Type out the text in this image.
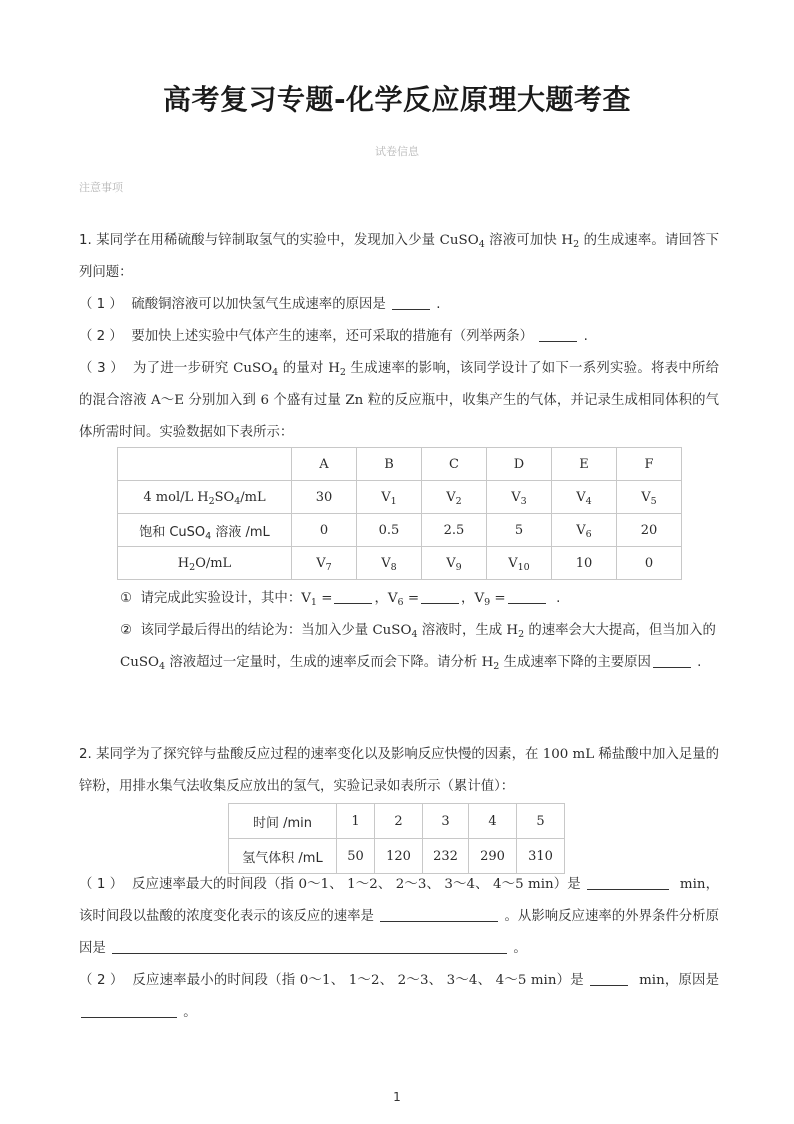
高考复习专题-化学反应原理大题考查
试卷信息
注意事项

1. 某同学在用稀硫酸与锌制取氢气的实验中，发现加入少量 CuSO$_4$ 溶液可加快 $H_2$ 的生成速率。请回答下列问题：

（ 1 ） 硫酸铜溶液可以加快氢气生成速率的原因是	.

（ 2 ） 要加快上述实验中气体产生的速率，还可采取的措施有（列举两条）	.

（ 3 ） 为了进一步研究 CuSO$_4$ 的量对 $H_2$ 生成速率的影响，该同学设计了如下一系列实验。将表中所给的混合溶液 A～E 分别加入到 6 个盛有过量 Zn 粒的反应瓶中，收集产生的气体，并记录生成相同体积的气体所需时间。实验数据如下表所示：

	A	B	C	D	E	F
4 mol/L $H_2SO_4/mL$	30	$V_1$	$V_2$	$V_3$	$V_4$	$V_5$
饱和 CuSO$_4$ 溶液 /mL	0	0.5	2.5	5	$V_6$	20
$H_2O/mL$	$V_7$	$V_8$	$V_9$	$V_{10}$	10	0

① 请完成此实验设计，其中：$V_1$ =	，$V_6$ =	，$V_9$ =	.

② 该同学最后得出的结论为：当加入少量 CuSO$_4$ 溶液时，生成 $H_2$ 的速率会大大提高，但当加入的 CuSO$_4$ 溶液超过一定量时，生成的速率反而会下降。请分析 $H_2$ 生成速率下降的主要原因	.

2. 某同学为了探究锌与盐酸反应过程的速率变化以及影响反应快慢的因素，在 100 mL 稀盐酸中加入足量的锌粉，用排水集气法收集反应放出的氢气，实验记录如表所示（累计值）：

时间 /min	1	2	3	4	5
氢气体积 /mL	50	120	232	290	310

（ 1 ） 反应速率最大的时间段（指 0～1、 1～2、 2～3、 3～4、 4～5 min）是	min，该时间段以盐酸的浓度变化表示的该反应的速率是	。从影响反应速率的外界条件分析原因是	。

（ 2 ） 反应速率最小的时间段（指 0～1、 1～2、 2～3、 3～4、 4～5 min）是	min，原因是  。

1
